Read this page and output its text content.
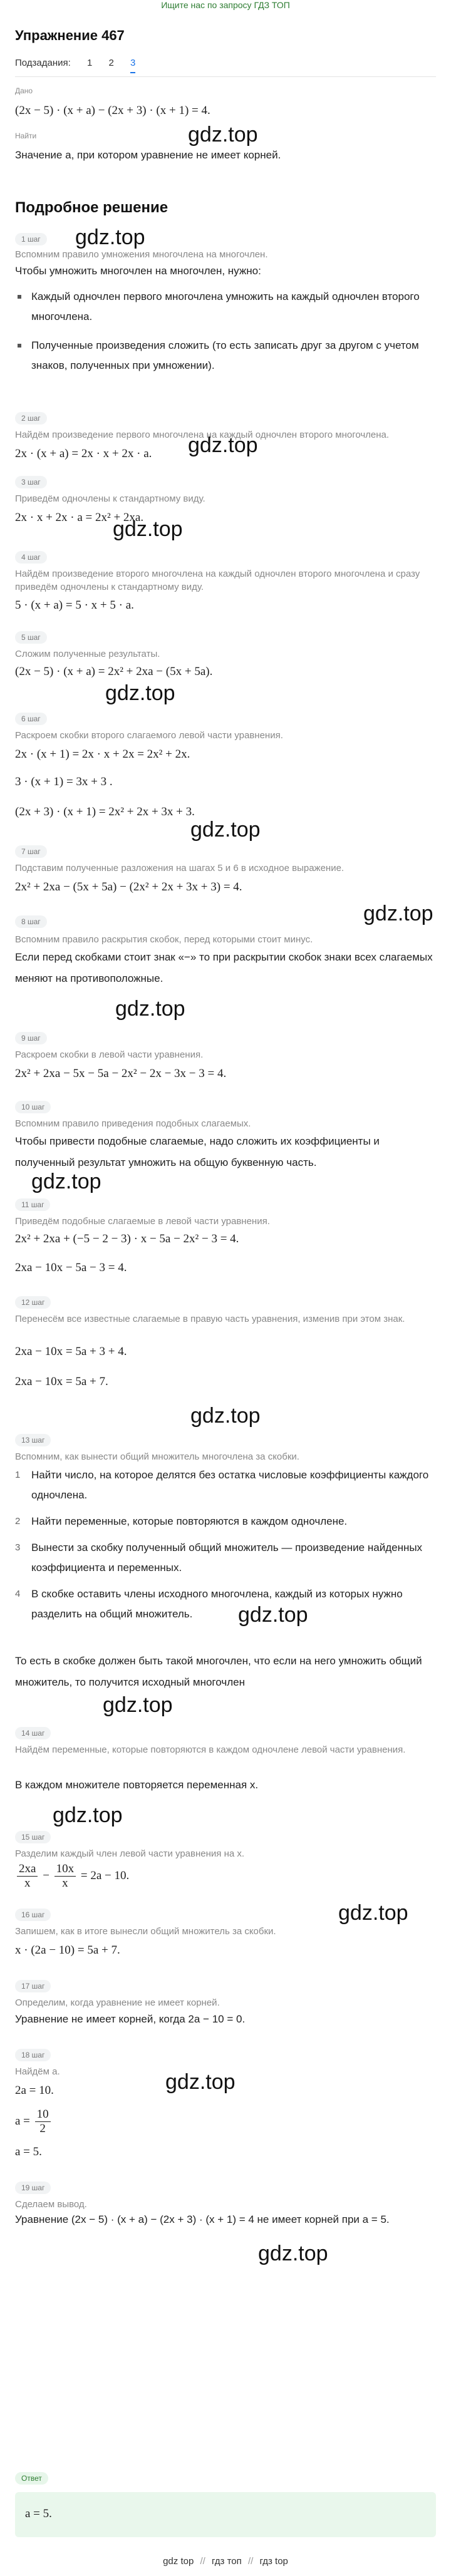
Ищите нас по запросу ГДЗ ТОП
Упражнение 467
Подзадания: 1 2 3
Дано
(2x − 5) · (x + a) − (2x + 3) · (x + 1) = 4.
Найти
Значение a, при котором уравнение не имеет корней.
gdz.top
Подробное решение
gdz.top
1 шаг
Вспомним правило умножения многочлена на многочлен.
Чтобы умножить многочлен на многочлен, нужно:
Каждый одночлен первого многочлена умножить на каждый одночлен второго многочлена.
Полученные произведения сложить (то есть записать друг за другом с учетом знаков, полученных при умножении).
2 шаг
Найдём произведение первого многочлена на каждый одночлен второго многочлена.
gdz.top
2x · (x + a) = 2x · x + 2x · a.
3 шаг
Приведём одночлены к стандартному виду.
2x · x + 2x · a = 2x² + 2xa.
gdz.top
4 шаг
Найдём произведение второго многочлена на каждый одночлен второго многочлена и сразу приведём одночлены к стандартному виду.
5 · (x + a) = 5 · x + 5 · a.
5 шаг
Сложим полученные результаты.
(2x − 5) · (x + a) = 2x² + 2xa − (5x + 5a).
gdz.top
6 шаг
Раскроем скобки второго слагаемого левой части уравнения.
2x · (x + 1) = 2x · x + 2x = 2x² + 2x.
3 · (x + 1) = 3x + 3 .
(2x + 3) · (x + 1) = 2x² + 2x + 3x + 3.
gdz.top
7 шаг
Подставим полученные разложения на шагах 5 и 6 в исходное выражение.
2x² + 2xa − (5x + 5a) − (2x² + 2x + 3x + 3) = 4.
8 шаг	gdz.top
Вспомним правило раскрытия скобок, перед которыми стоит минус.
Если перед скобками стоит знак «−» то при раскрытии скобок знаки всех слагаемых меняют на противоположные.
gdz.top
9 шаг
Раскроем скобки в левой части уравнения.
2x² + 2xa − 5x − 5a − 2x² − 2x − 3x − 3 = 4.
10 шаг
Вспомним правило приведения подобных слагаемых.
Чтобы привести подобные слагаемые, надо сложить их коэффициенты и полученный результат умножить на общую буквенную часть.
gdz.top
11 шаг
Приведём подобные слагаемые в левой части уравнения.
2x² + 2xa + (−5 − 2 − 3) · x − 5a − 2x² − 3 = 4.
2xa − 10x − 5a − 3 = 4.
12 шаг
Перенесём все известные слагаемые в правую часть уравнения, изменив при этом знак.
2xa − 10x = 5a + 3 + 4.
2xa − 10x = 5a + 7.
gdz.top
13 шаг
Вспомним, как вынести общий множитель многочлена за скобки.
1 Найти число, на которое делятся без остатка числовые коэффициенты каждого одночлена.
2 Найти переменные, которые повторяются в каждом одночлене.
3 Вынести за скобку полученный общий множитель — произведение найденных коэффициента и переменных.
4 В скобке оставить члены исходного многочлена, каждый из которых нужно разделить на общий множитель.	gdz.top
То есть в скобке должен быть такой многочлен, что если на него умножить общий множитель, то получится исходный многочлен
gdz.top
14 шаг
Найдём переменные, которые повторяются в каждом одночлене левой части уравнения.
В каждом множителе повторяется переменная x.
gdz.top
15 шаг
Разделим каждый член левой части уравнения на x.
$\frac{2xa}{x} - \frac{10x}{x} = 2a - 10$.
16 шаг	gdz.top
Запишем, как в итоге вынесли общий множитель за скобки.
x · (2a − 10) = 5a + 7.
17 шаг
Определим, когда уравнение не имеет корней.
Уравнение не имеет корней, когда 2a − 10 = 0.
18 шаг
Найдём a.	gdz.top
2a = 10.
$a = \frac{10}{2}$
a = 5.
19 шаг
Сделаем вывод.
Уравнение (2x − 5) · (x + a) − (2x + 3) · (x + 1) = 4 не имеет корней при a = 5.
gdz.top
Ответ
a = 5.
gdz top // гдз топ // гдз top
